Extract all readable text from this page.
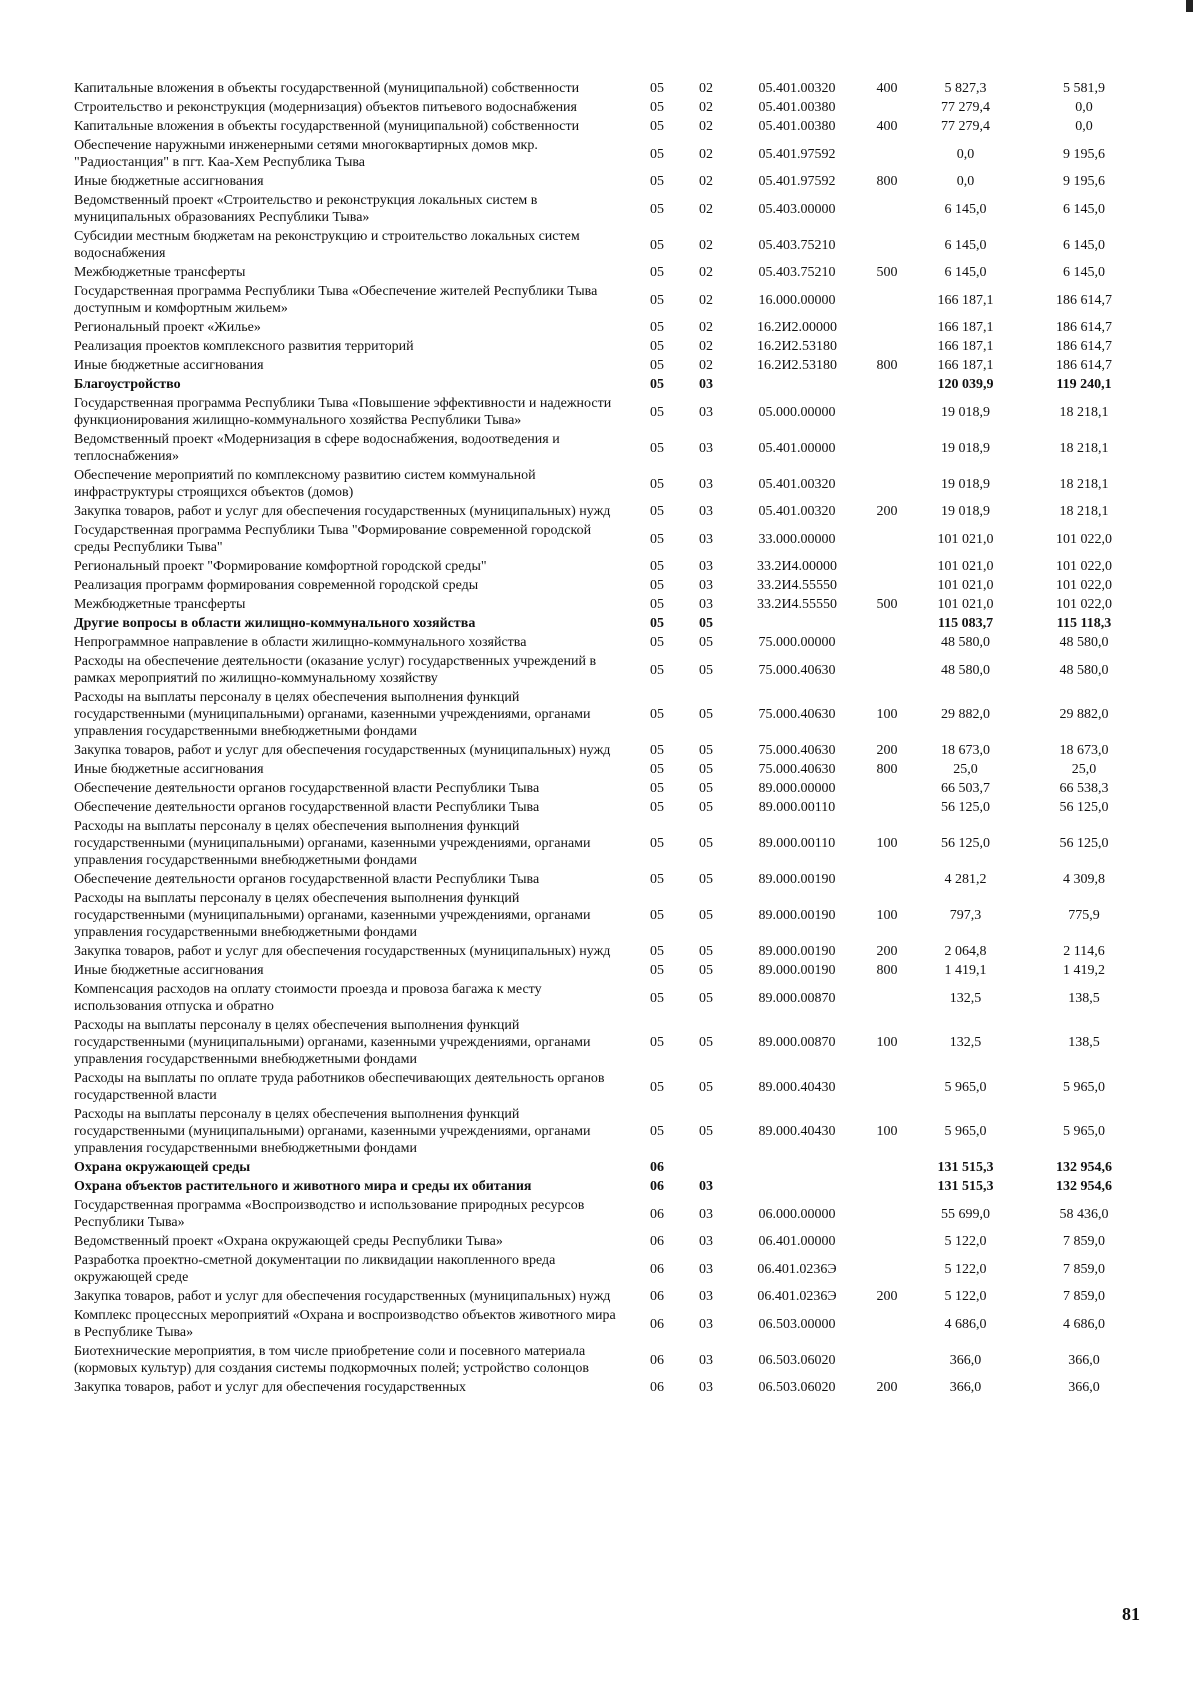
Капитальные вложения в объекты государственной (муниципальной) собственности	05	02	05.401.00320	400	5 827,3	5 581,9
Строительство и реконструкция (модернизация) объектов питьевого водоснабжения	05	02	05.401.00380		77 279,4	0,0
Капитальные вложения в объекты государственной (муниципальной) собственности	05	02	05.401.00380	400	77 279,4	0,0
Обеспечение наружными инженерными сетями многоквартирных домов мкр. "Радиостанция" в пгт. Каа-Хем Республика Тыва	05	02	05.401.97592		0,0	9 195,6
Иные бюджетные ассигнования	05	02	05.401.97592	800	0,0	9 195,6
Ведомственный проект «Строительство и реконструкция локальных систем в муниципальных образованиях Республики Тыва»	05	02	05.403.00000		6 145,0	6 145,0
Субсидии местным бюджетам на реконструкцию и строительство локальных систем водоснабжения	05	02	05.403.75210		6 145,0	6 145,0
Межбюджетные трансферты	05	02	05.403.75210	500	6 145,0	6 145,0
Государственная программа Республики Тыва «Обеспечение жителей Республики Тыва доступным и комфортным жильем»	05	02	16.000.00000		166 187,1	186 614,7
Региональный проект «Жилье»	05	02	16.2И2.00000		166 187,1	186 614,7
Реализация проектов комплексного развития территорий	05	02	16.2И2.53180		166 187,1	186 614,7
Иные бюджетные ассигнования	05	02	16.2И2.53180	800	166 187,1	186 614,7
Благоустройство	05	03			120 039,9	119 240,1
Государственная программа Республики Тыва «Повышение эффективности и надежности функционирования жилищно-коммунального хозяйства Республики Тыва»	05	03	05.000.00000		19 018,9	18 218,1
Ведомственный проект «Модернизация в сфере водоснабжения, водоотведения и теплоснабжения»	05	03	05.401.00000		19 018,9	18 218,1
Обеспечение мероприятий по комплексному развитию систем коммунальной инфраструктуры строящихся объектов (домов)	05	03	05.401.00320		19 018,9	18 218,1
Закупка товаров, работ и услуг для обеспечения государственных (муниципальных) нужд	05	03	05.401.00320	200	19 018,9	18 218,1
Государственная программа Республики Тыва "Формирование современной городской среды Республики Тыва"	05	03	33.000.00000		101 021,0	101 022,0
Региональный проект "Формирование комфортной городской среды"	05	03	33.2И4.00000		101 021,0	101 022,0
Реализация программ формирования современной городской среды	05	03	33.2И4.55550		101 021,0	101 022,0
Межбюджетные трансферты	05	03	33.2И4.55550	500	101 021,0	101 022,0
Другие вопросы в области жилищно-коммунального хозяйства	05	05			115 083,7	115 118,3
Непрограммное направление в области жилищно-коммунального хозяйства	05	05	75.000.00000		48 580,0	48 580,0
Расходы на обеспечение деятельности (оказание услуг) государственных учреждений в рамках мероприятий по жилищно-коммунальному хозяйству	05	05	75.000.40630		48 580,0	48 580,0
Расходы на выплаты персоналу в целях обеспечения выполнения функций государственными (муниципальными) органами, казенными учреждениями, органами управления государственными внебюджетными фондами	05	05	75.000.40630	100	29 882,0	29 882,0
Закупка товаров, работ и услуг для обеспечения государственных (муниципальных) нужд	05	05	75.000.40630	200	18 673,0	18 673,0
Иные бюджетные ассигнования	05	05	75.000.40630	800	25,0	25,0
Обеспечение деятельности органов государственной власти Республики Тыва	05	05	89.000.00000		66 503,7	66 538,3
Обеспечение деятельности органов государственной власти Республики Тыва	05	05	89.000.00110		56 125,0	56 125,0
Расходы на выплаты персоналу в целях обеспечения выполнения функций государственными (муниципальными) органами, казенными учреждениями, органами управления государственными внебюджетными фондами	05	05	89.000.00110	100	56 125,0	56 125,0
Обеспечение деятельности органов государственной власти Республики Тыва	05	05	89.000.00190		4 281,2	4 309,8
Расходы на выплаты персоналу в целях обеспечения выполнения функций государственными (муниципальными) органами, казенными учреждениями, органами управления государственными внебюджетными фондами	05	05	89.000.00190	100	797,3	775,9
Закупка товаров, работ и услуг для обеспечения государственных (муниципальных) нужд	05	05	89.000.00190	200	2 064,8	2 114,6
Иные бюджетные ассигнования	05	05	89.000.00190	800	1 419,1	1 419,2
Компенсация расходов на оплату стоимости проезда и провоза багажа к месту использования отпуска и обратно	05	05	89.000.00870		132,5	138,5
Расходы на выплаты персоналу в целях обеспечения выполнения функций государственными (муниципальными) органами, казенными учреждениями, органами управления государственными внебюджетными фондами	05	05	89.000.00870	100	132,5	138,5
Расходы на выплаты по оплате труда работников обеспечивающих деятельность органов государственной власти	05	05	89.000.40430		5 965,0	5 965,0
Расходы на выплаты персоналу в целях обеспечения выполнения функций государственными (муниципальными) органами, казенными учреждениями, органами управления государственными внебюджетными фондами	05	05	89.000.40430	100	5 965,0	5 965,0
Охрана окружающей среды	06				131 515,3	132 954,6
Охрана объектов растительного и животного мира и среды их обитания	06	03			131 515,3	132 954,6
Государственная программа «Воспроизводство и использование природных ресурсов Республики Тыва»	06	03	06.000.00000		55 699,0	58 436,0
Ведомственный проект «Охрана окружающей среды Республики Тыва»	06	03	06.401.00000		5 122,0	7 859,0
Разработка проектно-сметной документации по ликвидации накопленного вреда окружающей среде	06	03	06.401.0236Э		5 122,0	7 859,0
Закупка товаров, работ и услуг для обеспечения государственных (муниципальных) нужд	06	03	06.401.0236Э	200	5 122,0	7 859,0
Комплекс процессных мероприятий «Охрана и воспроизводство объектов животного мира в Республике Тыва»	06	03	06.503.00000		4 686,0	4 686,0
Биотехнические мероприятия, в том числе приобретение соли и посевного материала (кормовых культур) для создания системы подкормочных полей; устройство солонцов	06	03	06.503.06020		366,0	366,0
Закупка товаров, работ и услуг для обеспечения государственных	06	03	06.503.06020	200	366,0	366,0
81
